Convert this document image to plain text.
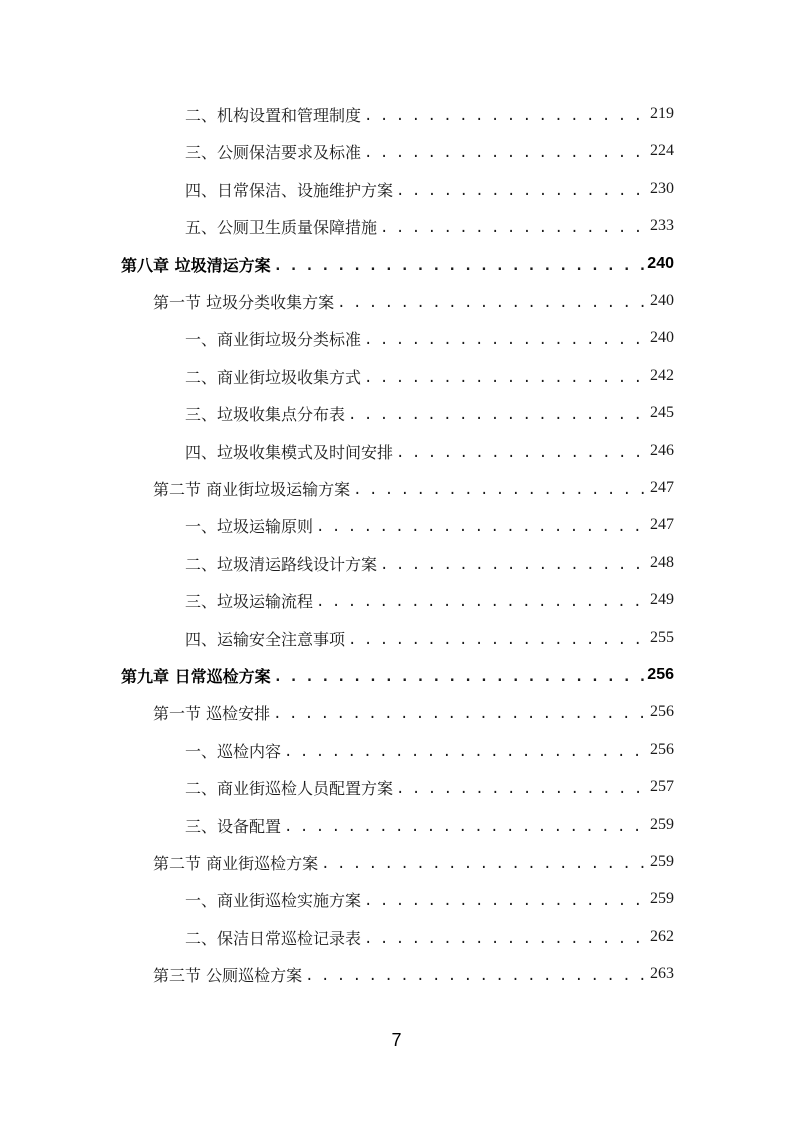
二、机构设置和管理制度 . . .	219
三、公厕保洁要求及标准 . . .	224
四、日常保洁、设施维护方案 . . .	230
五、公厕卫生质量保障措施 . . .	233
第八章 垃圾清运方案 . . .	240
第一节 垃圾分类收集方案 . . .	240
一、商业街垃圾分类标准 . . .	240
二、商业街垃圾收集方式 . . .	242
三、垃圾收集点分布表 . . .	245
四、垃圾收集模式及时间安排 . . .	246
第二节 商业街垃圾运输方案 . . .	247
一、垃圾运输原则 . . .	247
二、垃圾清运路线设计方案 . . .	248
三、垃圾运输流程 . . .	249
四、运输安全注意事项 . . .	255
第九章 日常巡检方案 . . .	256
第一节 巡检安排 . . .	256
一、巡检内容 . . .	256
二、商业街巡检人员配置方案 . . .	257
三、设备配置 . . .	259
第二节 商业街巡检方案 . . .	259
一、商业街巡检实施方案 . . .	259
二、保洁日常巡检记录表 . . .	262
第三节 公厕巡检方案 . . .	263
7
